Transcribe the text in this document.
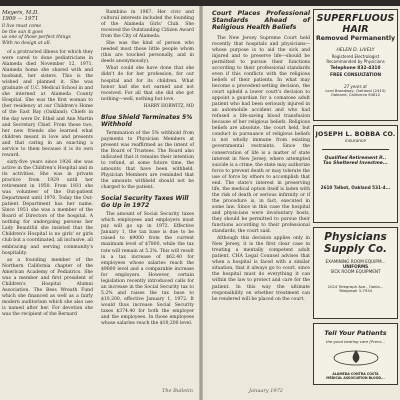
Meyers, M.D.
1909 — 1971

ll live must come
be the sun it goes
us one of those perfect things
With no design at all.

of a protracted illness for which they were cared to done pediatricians in Alameda died November 12, 1971. Alameda home she shared with and husband, her sisters. This is the wished and planned it. She was graduate of U.C. Medical School in and she interned at Alameda County Hospital. She was the first woman to (her residency at our Children's Home of the East Bay (Oakland). Chiefs in the day were Dr. Ethel and Ann Martin and Secretary Chief. From these two, her new friends she learned what children meant in love and presents and that caring in an exacting a service to them because it is its own reward.

sixty-five years since 1926 she was active in the Children's Hospital and in its activities. She was in private practice from 1929 until her retirement in 1950. From 1931 she was volunteer of the Out-patient Department until 1970. Today the Out-patient Department has her name. Since 1951 she was a member of the Board of Directors of the hospital. A nothing for undergoing persons her Lady Beautiful she insisted that the Children's Hospital is no girls' or girls club but a coordinated, all inclusive, all embracing and serving community's hospitality.

as a founding member of the Northern California chapter of the American Academy of Pediatrics. She was a member and first president of Children's Hospital Alumni Association. The Bess Wreath Fund which she financed as well as a fairly modern auditorium which she also use is named after her. For devotion she was the recipient of the Bernard

Rambino in 1967. Her civic and cultural interests included the founding of the Alameda Girls' Club. She received the Outstanding Citizen Award from the City of Alameda.

She was the kind of person who needed most those little people whom (this are touched personally, and in deeds anonymously).

What could she have done that she didn't do for her profession, for our hospital and for its children. What honor had she not earned and not received. For all that she did she got nothing—well, nothing but love.

HARRY HORWITZ, MD

Blue Shield Terminates 5% Withhold

Termination of the 5% withhold from payments to Physician Members at present was reaffirmed as the intent of the Board of Trustees. The Board also indicated that it remains their intention to refund, at some future time, the amounts that have been withheld. Physician Members are reminded that the amounts withheld should not be charged to the patient.

Social Security Taxes Will Go Up in 1972

The amount of Social Security taxes which employees and employers must pay will go up in 1972. Effective January 1, the tax base is due to be raised to $9000 from the current maximum level of $7800, while the tax rate will remain at 5.2%. This will result in a tax increase of $62.40 for employees whose salaries reach the $9000 level and a comparable increase for employers. However, certain legislation recently introduced calls for an increase in the Social Security tax to 5.2% and raises the tax base to $10,200, effective January 1, 1972. It would thus increase Social Security taxes $374.40 for both the employer and the employees. In those employees whose salaries reach the $10,200 level.

The Bulletin
Court Places Professional Standards Ahead of Religious Health Beliefs

The New Jersey Supreme Court held recently that hospitals and physicians—whose purpose is to aid the sick and injured and to preserve life—should be permitted to pursue their functions according to their professional standards even if this conflicts with the religious beliefs of their patients. In what may become a precedent-setting decision, the court upheld a lower court's decision to appoint a guardian for a comatose adult patient who had been seriously injured in an automobile accident and who had refused a life-saving blood transfusion because of her religious beliefs. Religious beliefs are absolute, the court held, but conduct in pursuance of religious beliefs is not wholly immune from existing governmental restraints. Since the conservation of life is a matter of state interest in New Jersey, where attempted suicide is a crime, the state may authorize force to prevent death or may tolerate the use of force by others to accomplish that end. The state's interest in preserving life, the medical option itself is laden with the risk of death or serious infirmity or if the procedure is, in fact, executed in some law. Since in this case the hospital and physicians were involuntary hosts, they should be permitted to pursue their functions according to their professional standards, the court said.

Although this decision applies only in New Jersey, it is the first clear case in treating a mentally competent adult patient. CHA Legal Counsel advises that when a hospital is faced with a similar situation, that it always go to court, since the hospital must do everything it can within the law to protect and care for the patient. In this way the ultimate responsibility on whether treatment can be rendered will be placed on the court.

SUPERFLUOUS HAIR
Removed Permanently
HELEN D. LIVELY
Registered Electrologist
Recommended by Physicians
Telephone 832-4310
FREE CONSULTATION
27 years at
Lord Broadway, Oakland (2415)
Oakland, California 94612
JOSEPH L. BOBBA CO.
insurance
Qualified Retirement P...
Tax Sheltered Investme...
2610 Talbot, Oakland 531-4...
Physicians
Supply Co.
EXAMINING ROOM EQUIPM...
UNIFORMS
SICK ROOM EQUIPMENT
2024 Telegraph Ave., Oakla...
Telegraph 3-7934
Tell Your Patients
the good bearing care (Preco...
ALAMEDA CONTRA COSTA
MEDICAL ASSOCIATION BLOOD...
January 1972
